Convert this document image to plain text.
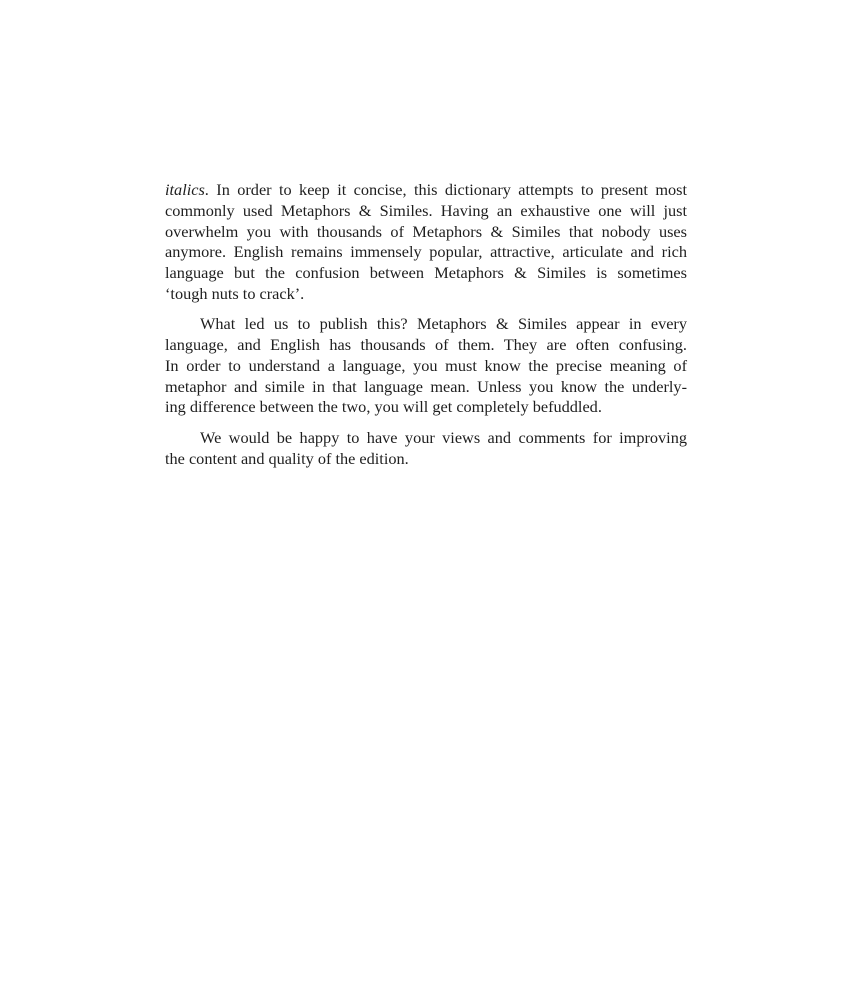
italics. In order to keep it concise, this dictionary attempts to present most
commonly used Metaphors & Similes. Having an exhaustive one will just
overwhelm you with thousands of Metaphors & Similes that nobody uses
anymore. English remains immensely popular, attractive, articulate and rich
language but the confusion between Metaphors & Similes is sometimes
‘tough nuts to crack’.

What led us to publish this? Metaphors & Similes appear in every
language, and English has thousands of them. They are often confusing.
In order to understand a language, you must know the precise meaning of
metaphor and simile in that language mean. Unless you know the underly-
ing difference between the two, you will get completely befuddled.

We would be happy to have your views and comments for improving
the content and quality of the edition.
